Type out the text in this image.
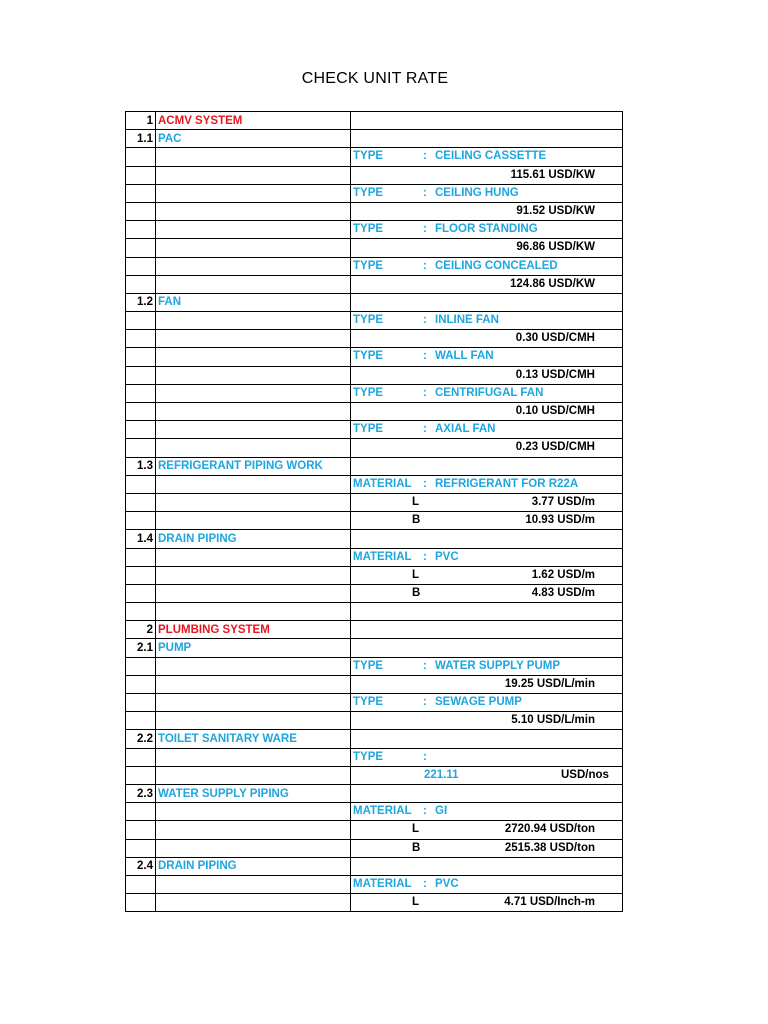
CHECK UNIT RATE
1	ACMV SYSTEM	
1.1	PAC	

		TYPE : CEILING CASSETTE

		115.61 USD/KW

		TYPE : CEILING HUNG

		91.52 USD/KW

		TYPE : FLOOR STANDING

		96.86 USD/KW

		TYPE : CEILING CONCEALED

		124.86 USD/KW

1.2	FAN	

		TYPE : INLINE FAN

		0.30 USD/CMH

		TYPE : WALL FAN

		0.13 USD/CMH

		TYPE : CENTRIFUGAL FAN

		0.10 USD/CMH

		TYPE : AXIAL FAN

		0.23 USD/CMH

1.3	REFRIGERANT PIPING WORK	

		MATERIAL : REFRIGERANT FOR R22A

		L 3.77 USD/m

		B 10.93 USD/m

1.4	DRAIN PIPING	

		MATERIAL : PVC

		L 1.62 USD/m

		B 4.83 USD/m

2	PLUMBING SYSTEM	
2.1	PUMP	

		TYPE : WATER SUPPLY PUMP

		19.25 USD/L/min

		TYPE : SEWAGE PUMP

		5.10 USD/L/min

2.2	TOILET SANITARY WARE	

		TYPE :

		221.11 USD/nos

2.3	WATER SUPPLY PIPING	

		MATERIAL : GI

		L 2720.94 USD/ton

		B 2515.38 USD/ton

2.4	DRAIN PIPING	

		MATERIAL : PVC

		L 4.71 USD/Inch-m
